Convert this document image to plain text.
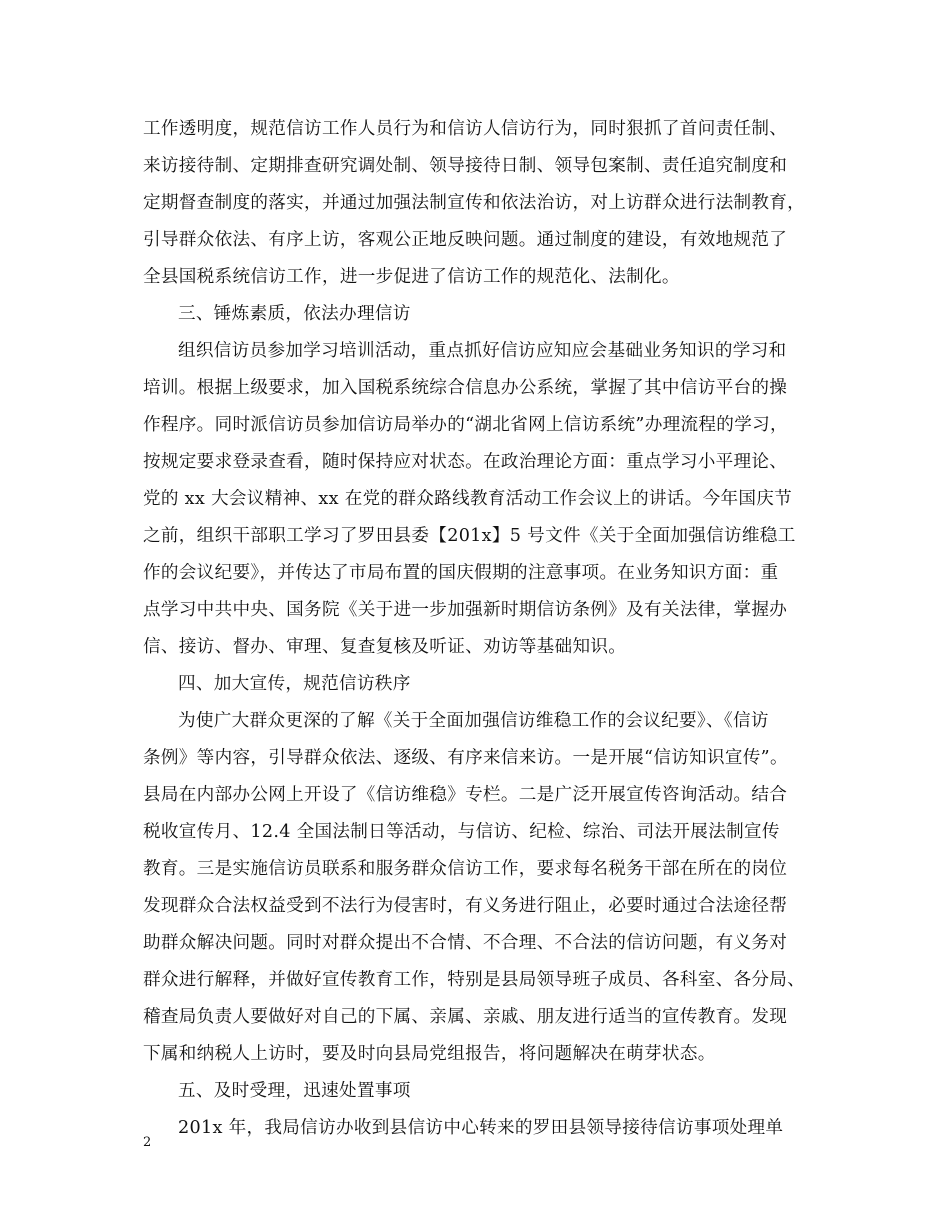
工作透明度，规范信访工作人员行为和信访人信访行为，同时狠抓了首问责任制、
来访接待制、定期排查研究调处制、领导接待日制、领导包案制、责任追究制度和
定期督查制度的落实，并通过加强法制宣传和依法治访，对上访群众进行法制教育，
引导群众依法、有序上访，客观公正地反映问题。通过制度的建设，有效地规范了
全县国税系统信访工作，进一步促进了信访工作的规范化、法制化。
三、锤炼素质，依法办理信访
组织信访员参加学习培训活动，重点抓好信访应知应会基础业务知识的学习和
培训。根据上级要求，加入国税系统综合信息办公系统，掌握了其中信访平台的操
作程序。同时派信访员参加信访局举办的“湖北省网上信访系统”办理流程的学习，
按规定要求登录查看，随时保持应对状态。在政治理论方面：重点学习小平理论、
党的 xx 大会议精神、xx 在党的群众路线教育活动工作会议上的讲话。今年国庆节
之前，组织干部职工学习了罗田县委【201x】5 号文件《关于全面加强信访维稳工
作的会议纪要》，并传达了市局布置的国庆假期的注意事项。在业务知识方面：重
点学习中共中央、国务院《关于进一步加强新时期信访条例》及有关法律，掌握办
信、接访、督办、审理、复查复核及听证、劝访等基础知识。
四、加大宣传，规范信访秩序
为使广大群众更深的了解《关于全面加强信访维稳工作的会议纪要》、《信访
条例》等内容，引导群众依法、逐级、有序来信来访。一是开展“信访知识宣传”。
县局在内部办公网上开设了《信访维稳》专栏。二是广泛开展宣传咨询活动。结合
税收宣传月、12.4 全国法制日等活动，与信访、纪检、综治、司法开展法制宣传
教育。三是实施信访员联系和服务群众信访工作，要求每名税务干部在所在的岗位
发现群众合法权益受到不法行为侵害时，有义务进行阻止，必要时通过合法途径帮
助群众解决问题。同时对群众提出不合情、不合理、不合法的信访问题，有义务对
群众进行解释，并做好宣传教育工作，特别是县局领导班子成员、各科室、各分局、
稽查局负责人要做好对自己的下属、亲属、亲戚、朋友进行适当的宣传教育。发现
下属和纳税人上访时，要及时向县局党组报告，将问题解决在萌芽状态。
五、及时受理，迅速处置事项
201x 年，我局信访办收到县信访中心转来的罗田县领导接待信访事项处理单
2
